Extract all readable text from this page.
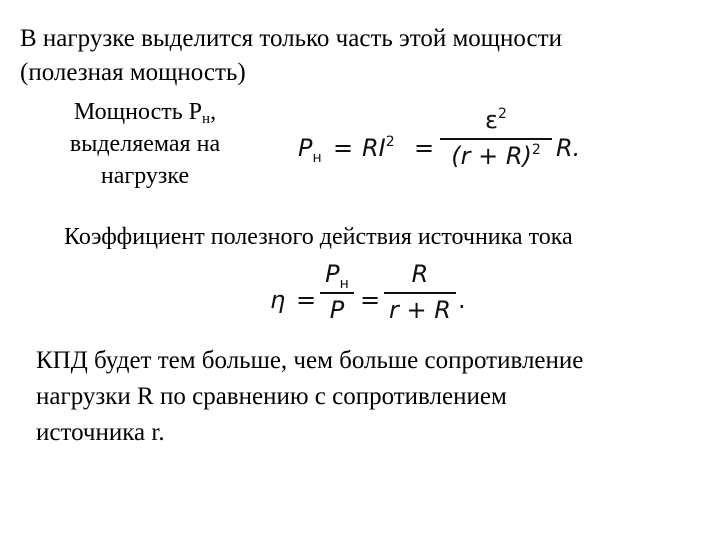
В нагрузке выделится только часть этой мощности
(полезная мощность)
Мощность $Р_н$,
выделяемая на
нагрузке
$P_н = RI^2$ =
$\varepsilon^2$
$(r + R)^2$ R.
Коэффициент полезного действия источника тока
η =
$P_н$
P =
R
r + R .
КПД будет тем больше, чем больше сопротивление
нагрузки R по сравнению с сопротивлением
источника r.
